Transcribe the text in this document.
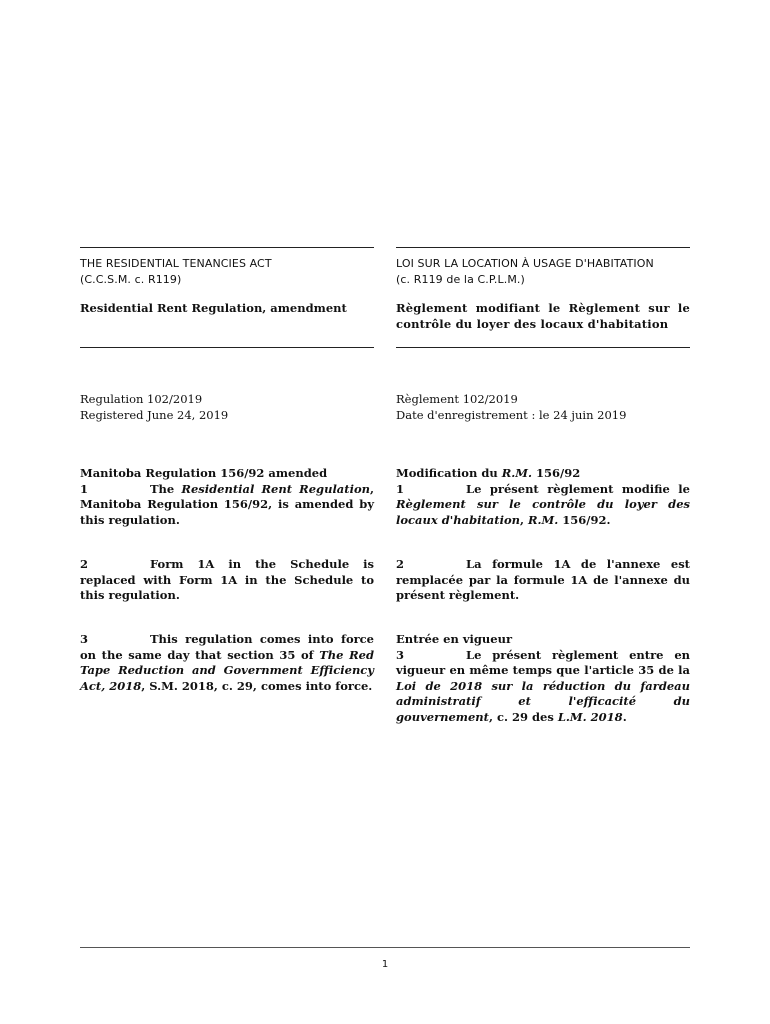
THE RESIDENTIAL TENANCIES ACT
(C.C.S.M. c. R119)
Residential Rent Regulation, amendment
Regulation 102/2019
Registered June 24, 2019
Manitoba Regulation 156/92 amended
1	The Residential Rent Regulation, Manitoba Regulation 156/92, is amended by this regulation.
2	Form 1A in the Schedule is replaced with Form 1A in the Schedule to this regulation.
3	This regulation comes into force on the same day that section 35 of The Red Tape Reduction and Government Efficiency Act, 2018, S.M. 2018, c. 29, comes into force.
LOI SUR LA LOCATION À USAGE D'HABITATION
(c. R119 de la C.P.L.M.)
Règlement modifiant le Règlement sur le contrôle du loyer des locaux d'habitation
Règlement 102/2019
Date d'enregistrement : le 24 juin 2019
Modification du R.M. 156/92
1	Le présent règlement modifie le Règlement sur le contrôle du loyer des locaux d'habitation, R.M. 156/92.
2	La formule 1A de l'annexe est remplacée par la formule 1A de l'annexe du présent règlement.
Entrée en vigueur
3	Le présent règlement entre en vigueur en même temps que l'article 35 de la Loi de 2018 sur la réduction du fardeau administratif et l'efficacité du gouvernement, c. 29 des L.M. 2018.
1
